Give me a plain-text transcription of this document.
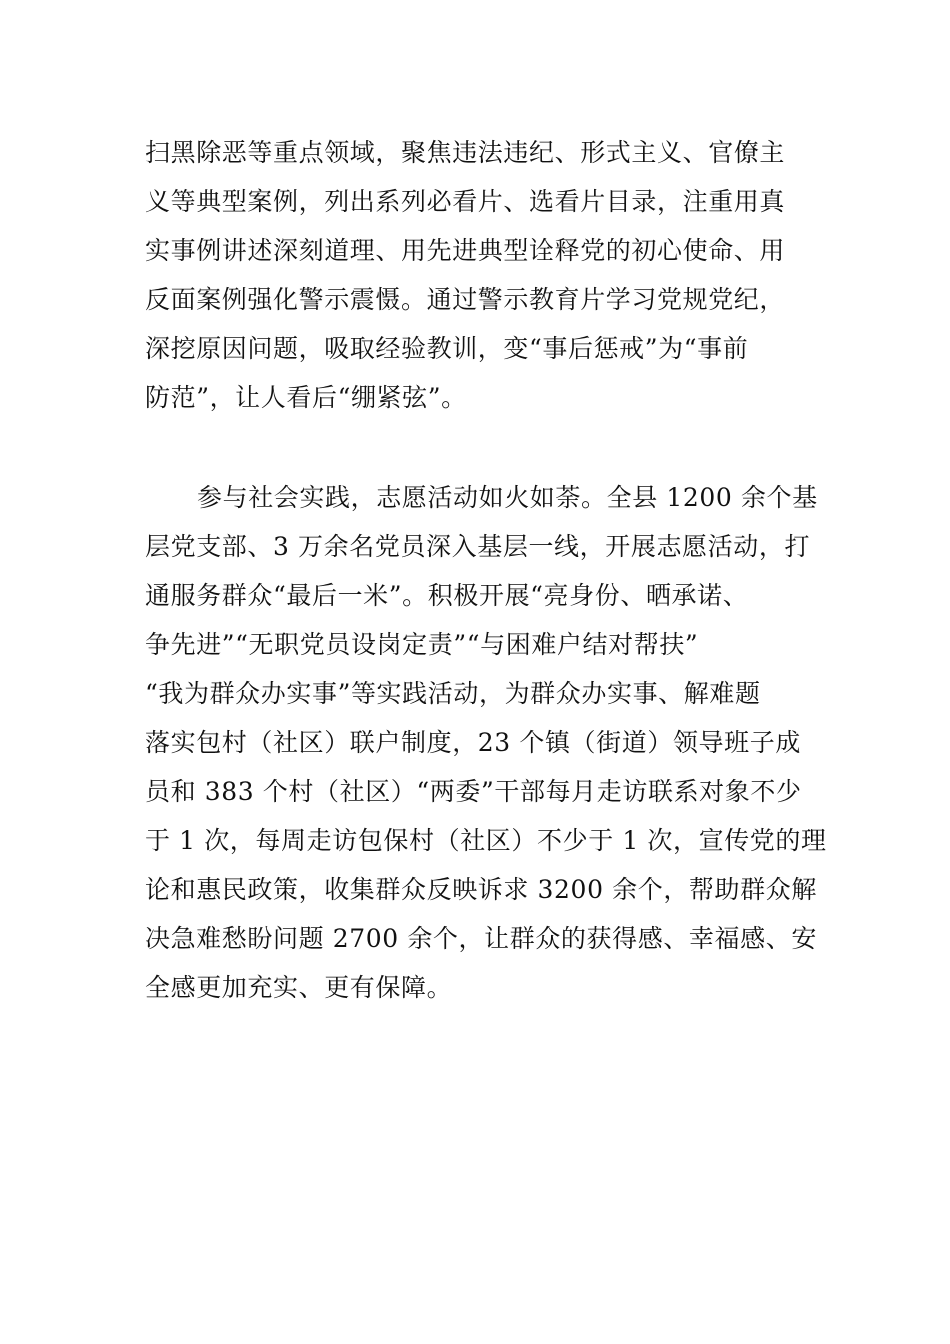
扫黑除恶等重点领域，聚焦违法违纪、形式主义、官僚主
义等典型案例，列出系列必看片、选看片目录，注重用真
实事例讲述深刻道理、用先进典型诠释党的初心使命、用
反面案例强化警示震慑。通过警示教育片学习党规党纪，
深挖原因问题，吸取经验教训，变“事后惩戒”为“事前
防范”，让人看后“绷紧弦”。
参与社会实践，志愿活动如火如荼。全县 1200 余个基
层党支部、3 万余名党员深入基层一线，开展志愿活动，打
通服务群众“最后一米”。积极开展“亮身份、晒承诺、
争先进”“无职党员设岗定责”“与困难户结对帮扶”
“我为群众办实事”等实践活动，为群众办实事、解难题
落实包村（社区）联户制度，23 个镇（街道）领导班子成
员和 383 个村（社区）“两委”干部每月走访联系对象不少
于 1 次，每周走访包保村（社区）不少于 1 次，宣传党的理
论和惠民政策，收集群众反映诉求 3200 余个，帮助群众解
决急难愁盼问题 2700 余个，让群众的获得感、幸福感、安
全感更加充实、更有保障。
